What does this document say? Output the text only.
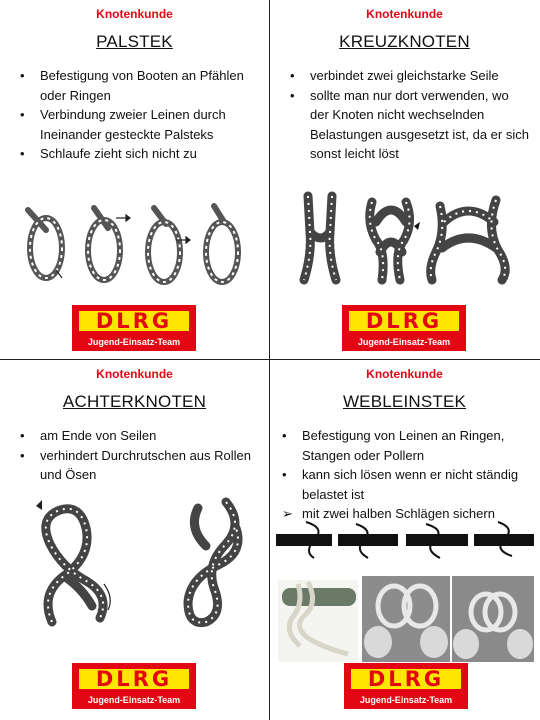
Knotenkunde
PALSTEK
• Befestigung von Booten an Pfählen oder Ringen
• Verbindung zweier Leinen durch Ineinander gesteckte Palsteks
• Schlaufe zieht sich nicht zu
DLRG
Jugend-Einsatz-Team
Knotenkunde
KREUZKNOTEN
• verbindet zwei gleichstarke Seile
• sollte man nur dort verwenden, wo der Knoten nicht wechselnden Belastungen ausgesetzt ist, da er sich sonst leicht löst
DLRG
Jugend-Einsatz-Team
Knotenkunde
ACHTERKNOTEN
• am Ende von Seilen
• verhindert Durchrutschen aus Rollen und Ösen
DLRG
Jugend-Einsatz-Team
Knotenkunde
WEBLEINSTEK
• Befestigung von Leinen an Ringen, Stangen oder Pollern
• kann sich lösen wenn er nicht ständig belastet ist
➢ mit zwei halben Schlägen sichern
DLRG
Jugend-Einsatz-Team
